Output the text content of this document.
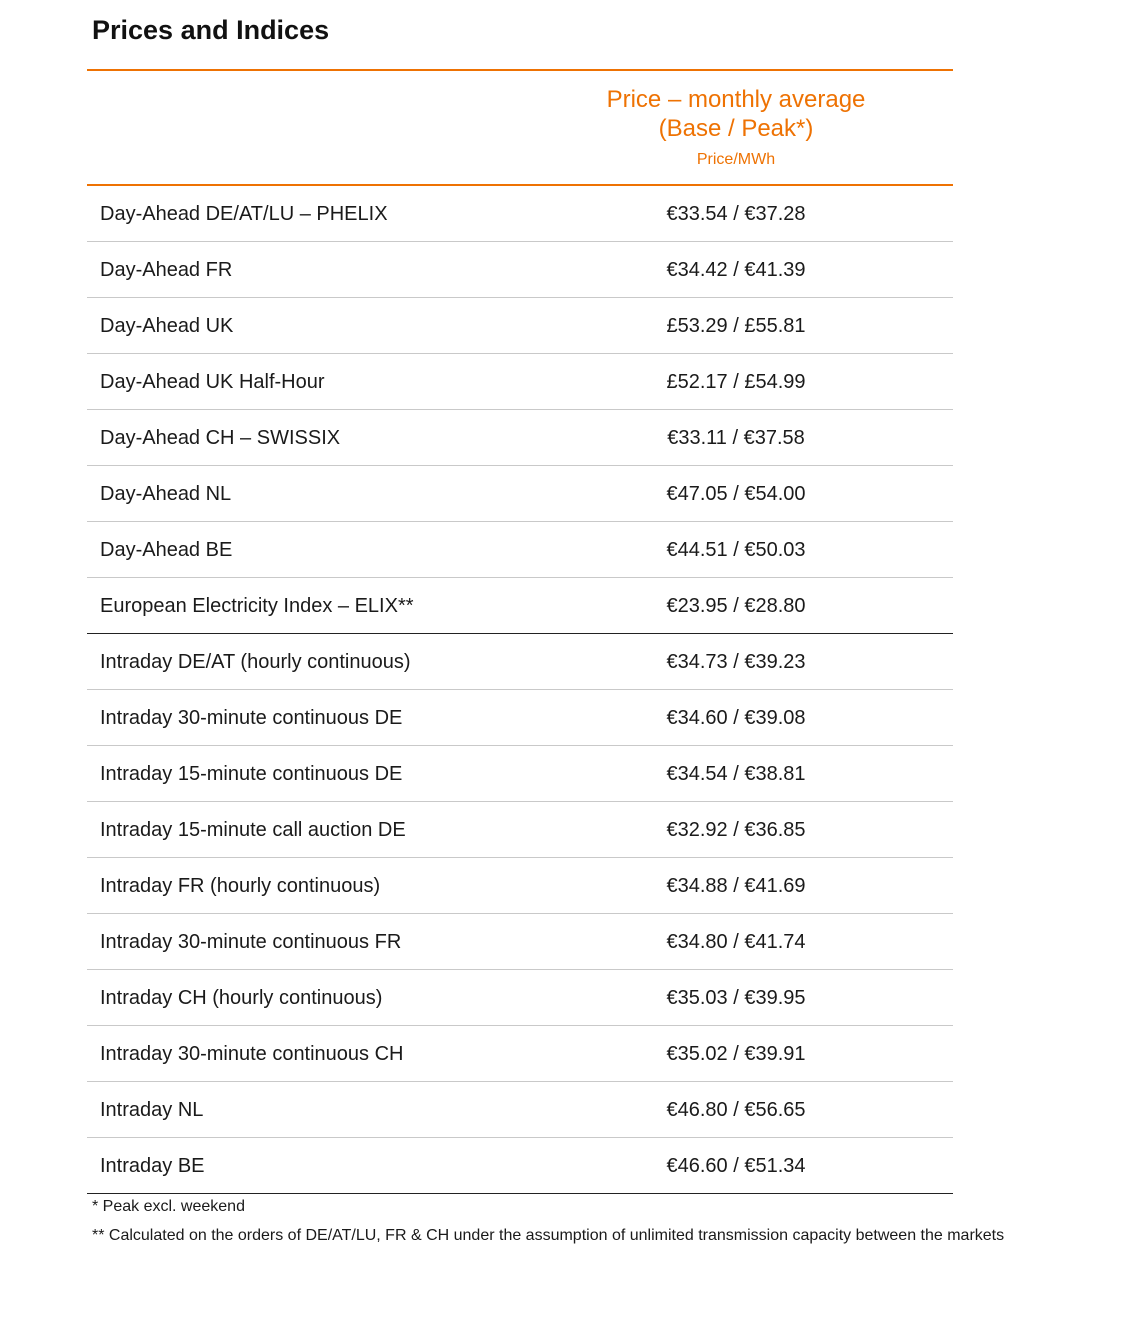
Prices and Indices
Price – monthly average
(Base / Peak*)
Price/MWh
Day-Ahead DE/AT/LU – PHELIX	€33.54 / €37.28
Day-Ahead FR	€34.42 / €41.39
Day-Ahead UK	£53.29 / £55.81
Day-Ahead UK Half-Hour	£52.17 / £54.99
Day-Ahead CH – SWISSIX	€33.11 / €37.58
Day-Ahead NL	€47.05 / €54.00
Day-Ahead BE	€44.51 / €50.03
European Electricity Index – ELIX**	€23.95 / €28.80
Intraday DE/AT (hourly continuous)	€34.73 / €39.23
Intraday 30-minute continuous DE	€34.60 / €39.08
Intraday 15-minute continuous DE	€34.54 / €38.81
Intraday 15-minute call auction DE	€32.92 / €36.85
Intraday FR (hourly continuous)	€34.88 / €41.69
Intraday 30-minute continuous FR	€34.80 / €41.74
Intraday CH (hourly continuous)	€35.03 / €39.95
Intraday 30-minute continuous CH	€35.02 / €39.91
Intraday NL	€46.80 / €56.65
Intraday BE	€46.60 / €51.34

* Peak excl. weekend

** Calculated on the orders of DE/AT/LU, FR & CH under the assumption of unlimited transmission capacity between the markets
